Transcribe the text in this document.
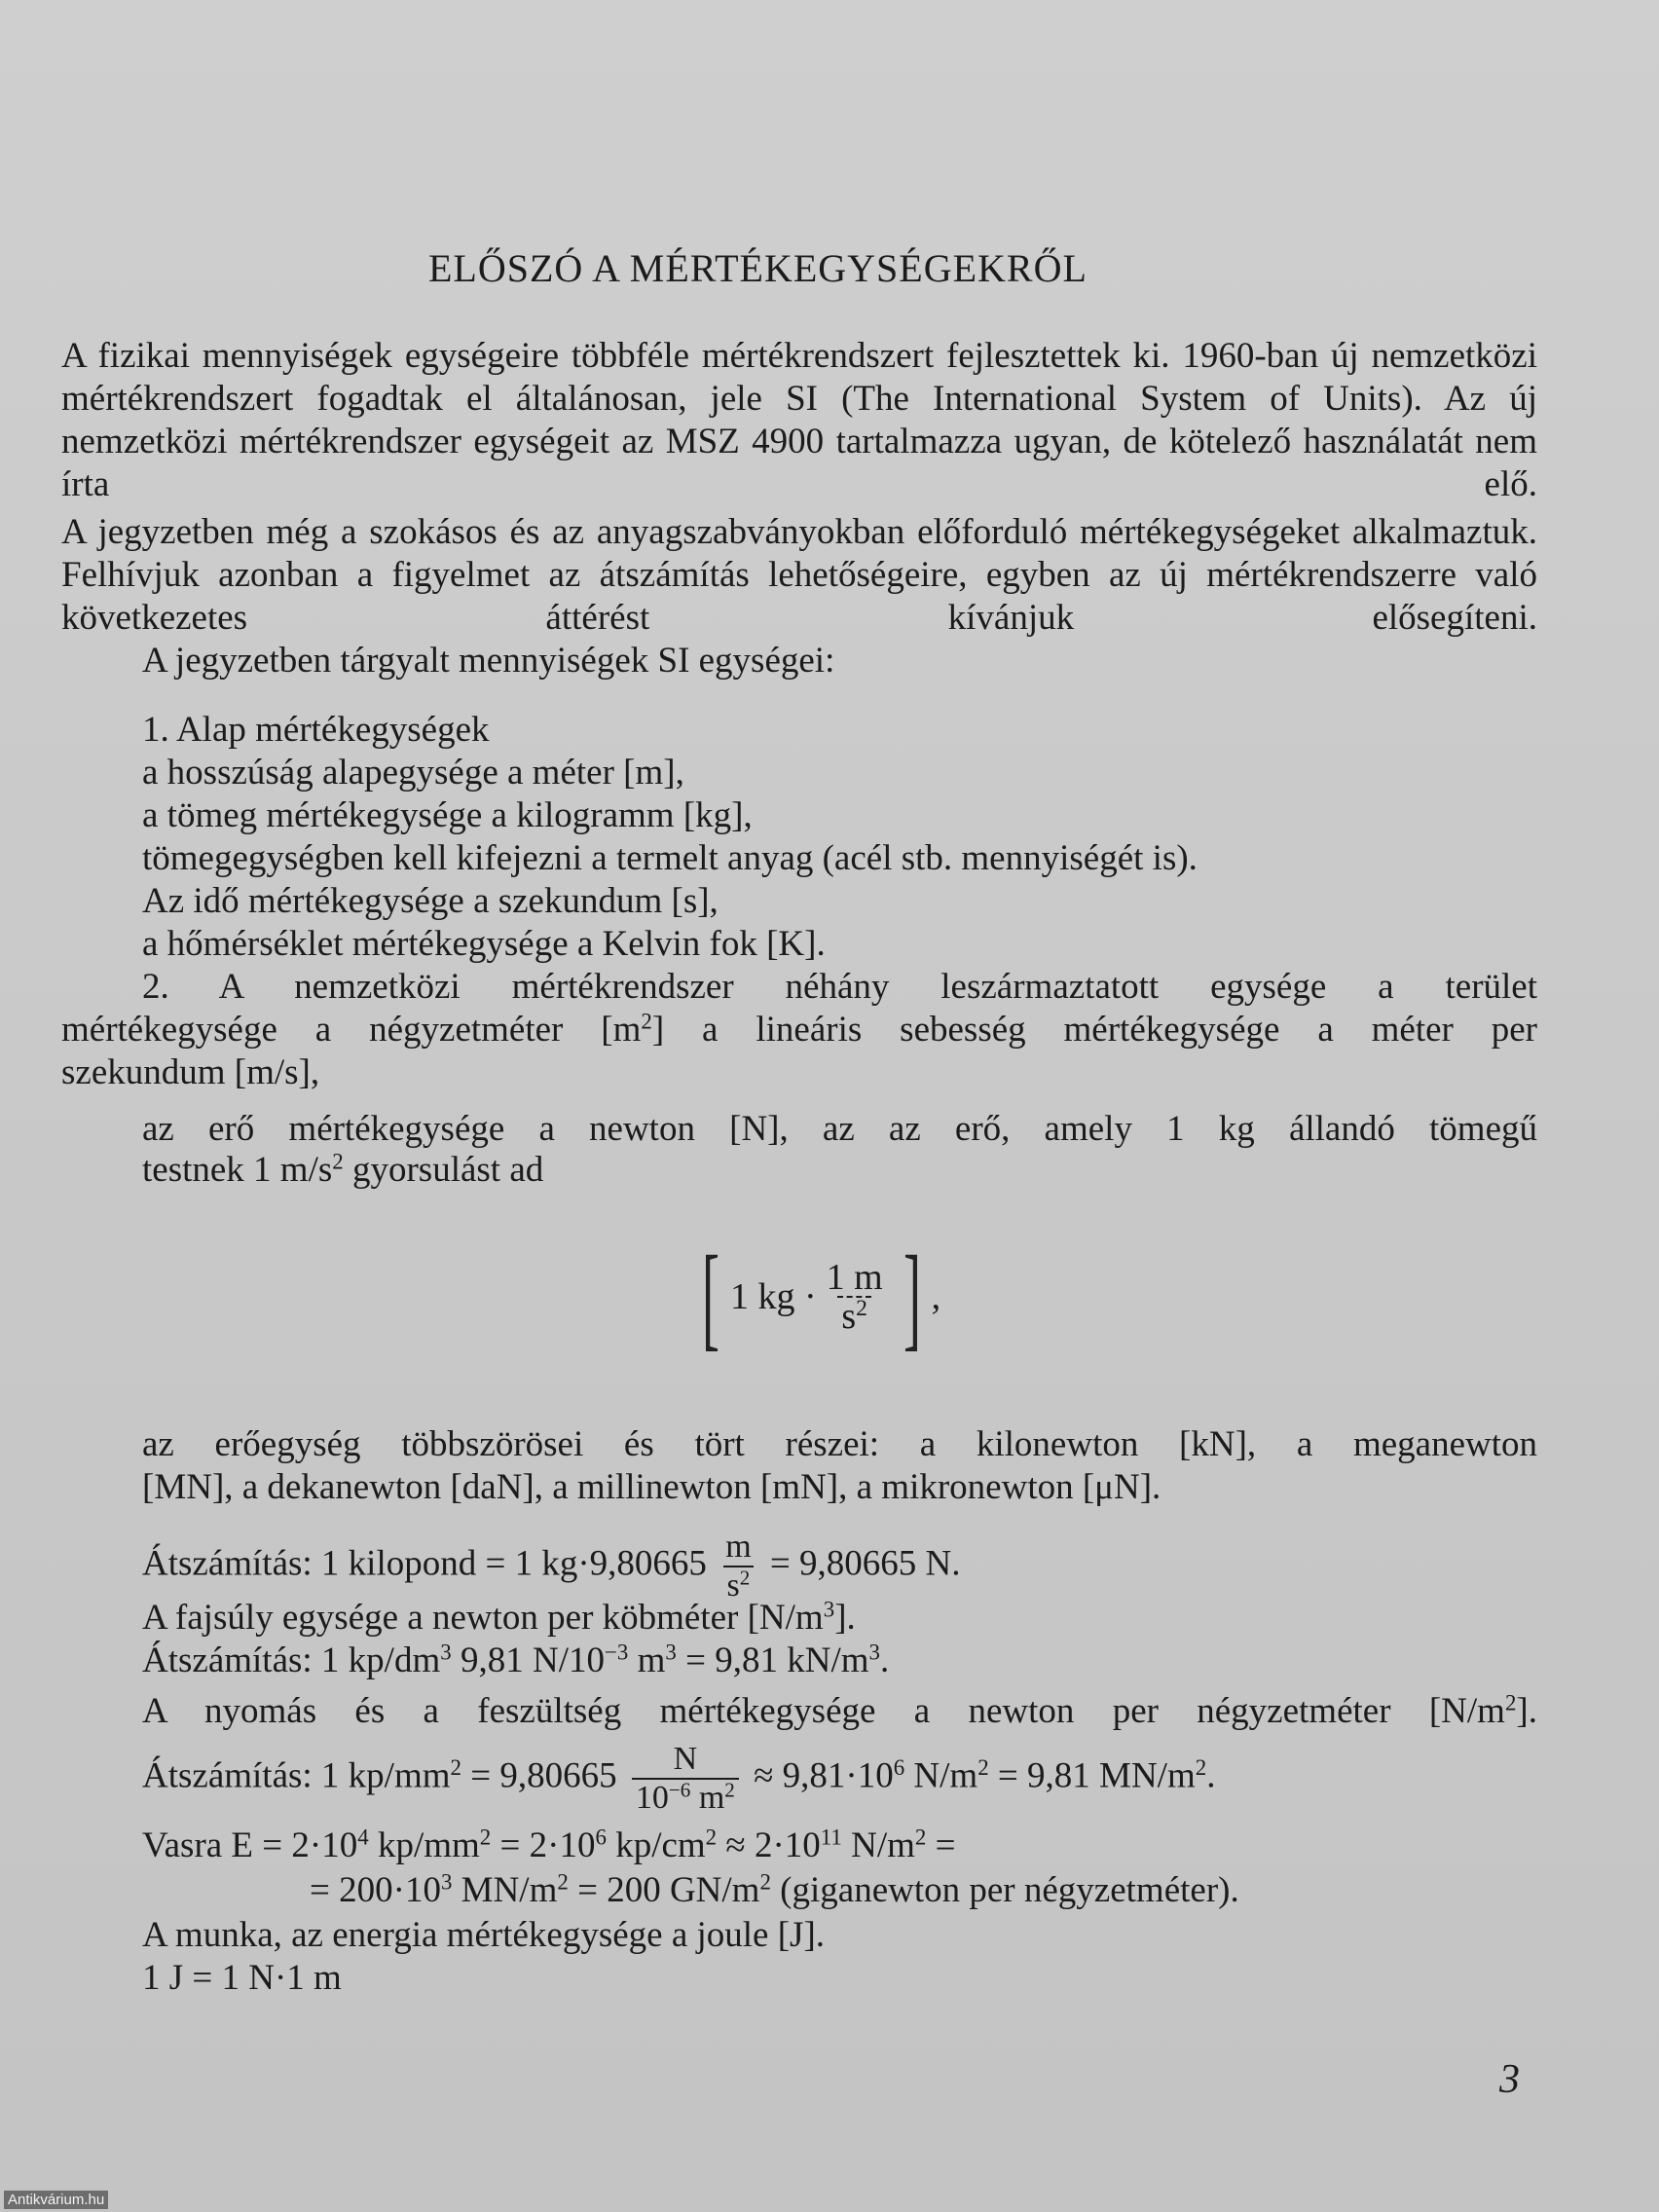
ELŐSZÓ A MÉRTÉKEGYSÉGEKRŐL
A fizikai mennyiségek egységeire többféle mértékrendszert fejlesztettek ki. 1960-ban új nemzetközi mértékrendszert fogadtak el általánosan, jele SI (The International System of Units). Az új nemzetközi mértékrendszer egységeit az MSZ 4900 tartalmazza ugyan, de kötelező használatát nem írta elő.
A jegyzetben még a szokásos és az anyagszabványokban előforduló mértékegységeket alkalmaztuk. Felhívjuk azonban a figyelmet az átszámítás lehetőségeire, egyben az új mértékrendszerre való következetes áttérést kívánjuk elősegíteni.
A jegyzetben tárgyalt mennyiségek SI egységei:
1. Alap mértékegységek
a hosszúság alapegysége a méter [m],
a tömeg mértékegysége a kilogramm [kg],
tömegegységben kell kifejezni a termelt anyag (acél stb. mennyiségét is).
Az idő mértékegysége a szekundum [s],
a hőmérséklet mértékegysége a Kelvin fok [K].
2. A nemzetközi mértékrendszer néhány leszármaztatott egysége a terület
mértékegysége a négyzetméter $[m^2]$ a lineáris sebesség mértékegysége a méter per
szekundum [m/s],
az erő mértékegysége a newton [N], az az erő, amely 1 kg állandó tömegű
testnek 1 $m/s^2$ gyorsulást ad
[ 1 kg · $\frac{1 m}{s^2}$ ] ,
az erőegység többszörösei és tört részei: a kilonewton [kN], a meganewton
[MN], a dekanewton [daN], a millinewton [mN], a mikronewton [μN].
Átszámítás: 1 kilopond = 1 $kg\cdot 9,80665 \frac{m}{s^2} = 9,80665$ N.
A fajsúly egysége a newton per köbméter $[N/m^3]$.
Átszámítás: 1 $kp/dm^3$ 9,81 $N/10^{-3}$ $m^3 = 9,81$ $kN/m^3$.
A nyomás és a feszültség mértékegysége a newton per négyzetméter $[N/m^2]$.
Átszámítás: 1 $kp/mm^2 = 9,80665 \frac{N}{10^{-6} m^2} \approx 9,81\cdot 10^6$ $N/m^2 = 9,81$ $MN/m^2$.
Vasra $E = 2\cdot 10^4$ $kp/mm^2 = 2\cdot 10^6$ $kp/cm^2 \approx 2\cdot 10^{11}$ $N/m^2$ =
= $200\cdot 10^3$ $MN/m^2 = 200$ $GN/m^2$ (giganewton per négyzetméter).
A munka, az energia mértékegysége a joule [J].
1 J = 1 N·1 m
3
Antikvárium.hu
